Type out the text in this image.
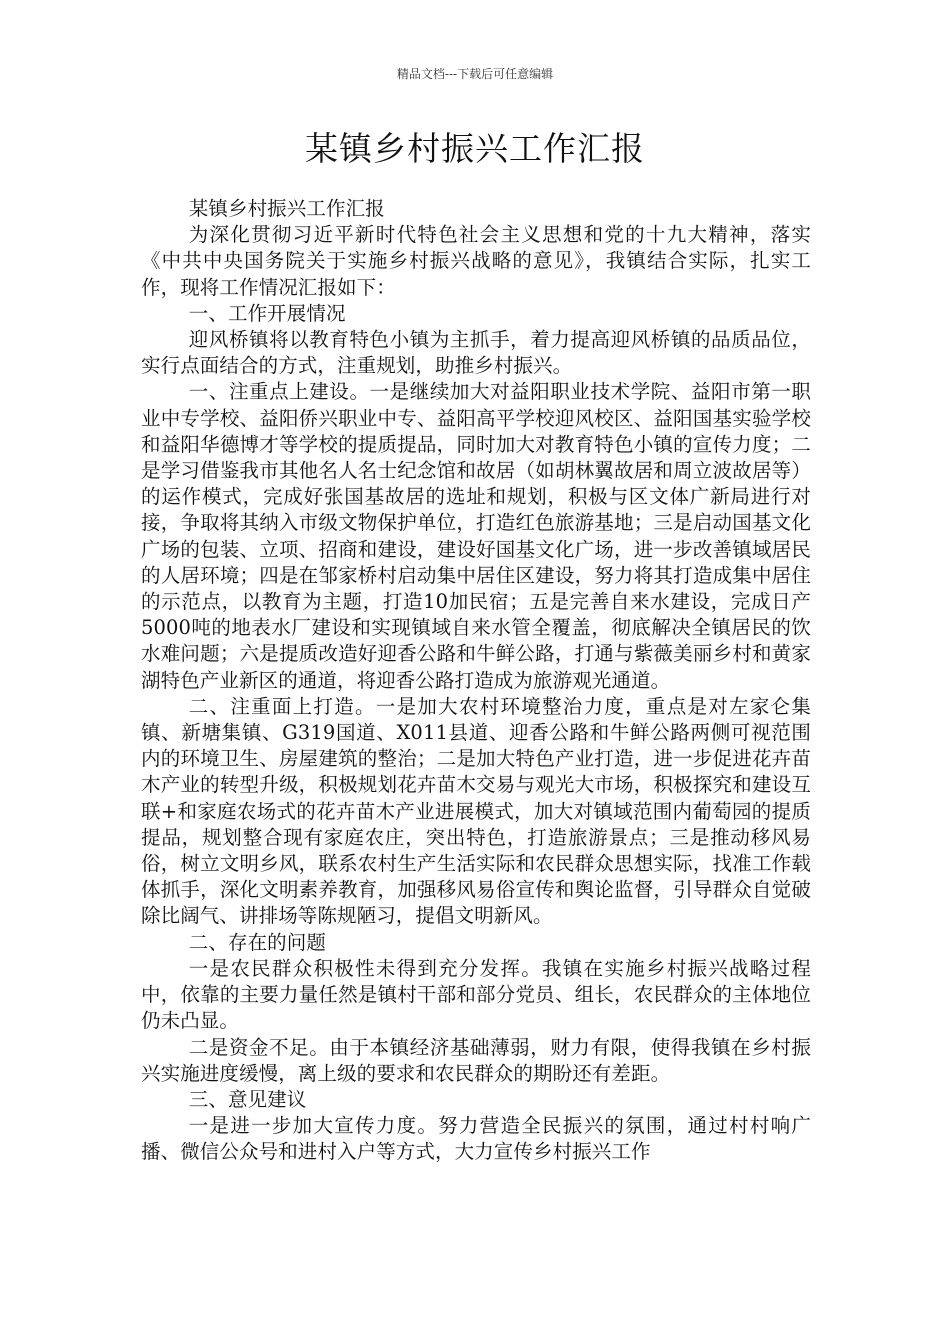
精品文档---下载后可任意编辑
某镇乡村振兴工作汇报

某镇乡村振兴工作汇报

为深化贯彻习近平新时代特色社会主义思想和党的十九大精神，落实《中共中央国务院关于实施乡村振兴战略的意见》，我镇结合实际，扎实工作，现将工作情况汇报如下：

一、工作开展情况

迎风桥镇将以教育特色小镇为主抓手，着力提高迎风桥镇的品质品位，实行点面结合的方式，注重规划，助推乡村振兴。

一、注重点上建设。一是继续加大对益阳职业技术学院、益阳市第一职业中专学校、益阳侨兴职业中专、益阳高平学校迎风校区、益阳国基实验学校和益阳华德博才等学校的提质提品，同时加大对教育特色小镇的宣传力度；二是学习借鉴我市其他名人名士纪念馆和故居（如胡林翼故居和周立波故居等）的运作模式，完成好张国基故居的选址和规划，积极与区文体广新局进行对接，争取将其纳入市级文物保护单位，打造红色旅游基地；三是启动国基文化广场的包装、立项、招商和建设，建设好国基文化广场，进一步改善镇域居民的人居环境；四是在邹家桥村启动集中居住区建设，努力将其打造成集中居住的示范点，以教育为主题，打造10加民宿；五是完善自来水建设，完成日产5000吨的地表水厂建设和实现镇域自来水管全覆盖，彻底解决全镇居民的饮水难问题；六是提质改造好迎香公路和牛鲜公路，打通与紫薇美丽乡村和黄家湖特色产业新区的通道，将迎香公路打造成为旅游观光通道。

二、注重面上打造。一是加大农村环境整治力度，重点是对左家仑集镇、新塘集镇、G319国道、X011县道、迎香公路和牛鲜公路两侧可视范围内的环境卫生、房屋建筑的整治；二是加大特色产业打造，进一步促进花卉苗木产业的转型升级，积极规划花卉苗木交易与观光大市场，积极探究和建设互联+和家庭农场式的花卉苗木产业进展模式，加大对镇域范围内葡萄园的提质提品，规划整合现有家庭农庄，突出特色，打造旅游景点；三是推动移风易俗，树立文明乡风，联系农村生产生活实际和农民群众思想实际，找准工作载体抓手，深化文明素养教育，加强移风易俗宣传和舆论监督，引导群众自觉破除比阔气、讲排场等陈规陋习，提倡文明新风。

二、存在的问题

一是农民群众积极性未得到充分发挥。我镇在实施乡村振兴战略过程中，依靠的主要力量任然是镇村干部和部分党员、组长，农民群众的主体地位仍未凸显。

二是资金不足。由于本镇经济基础薄弱，财力有限，使得我镇在乡村振兴实施进度缓慢，离上级的要求和农民群众的期盼还有差距。

三、意见建议

一是进一步加大宣传力度。努力营造全民振兴的氛围，通过村村响广播、微信公众号和进村入户等方式，大力宣传乡村振兴工作
